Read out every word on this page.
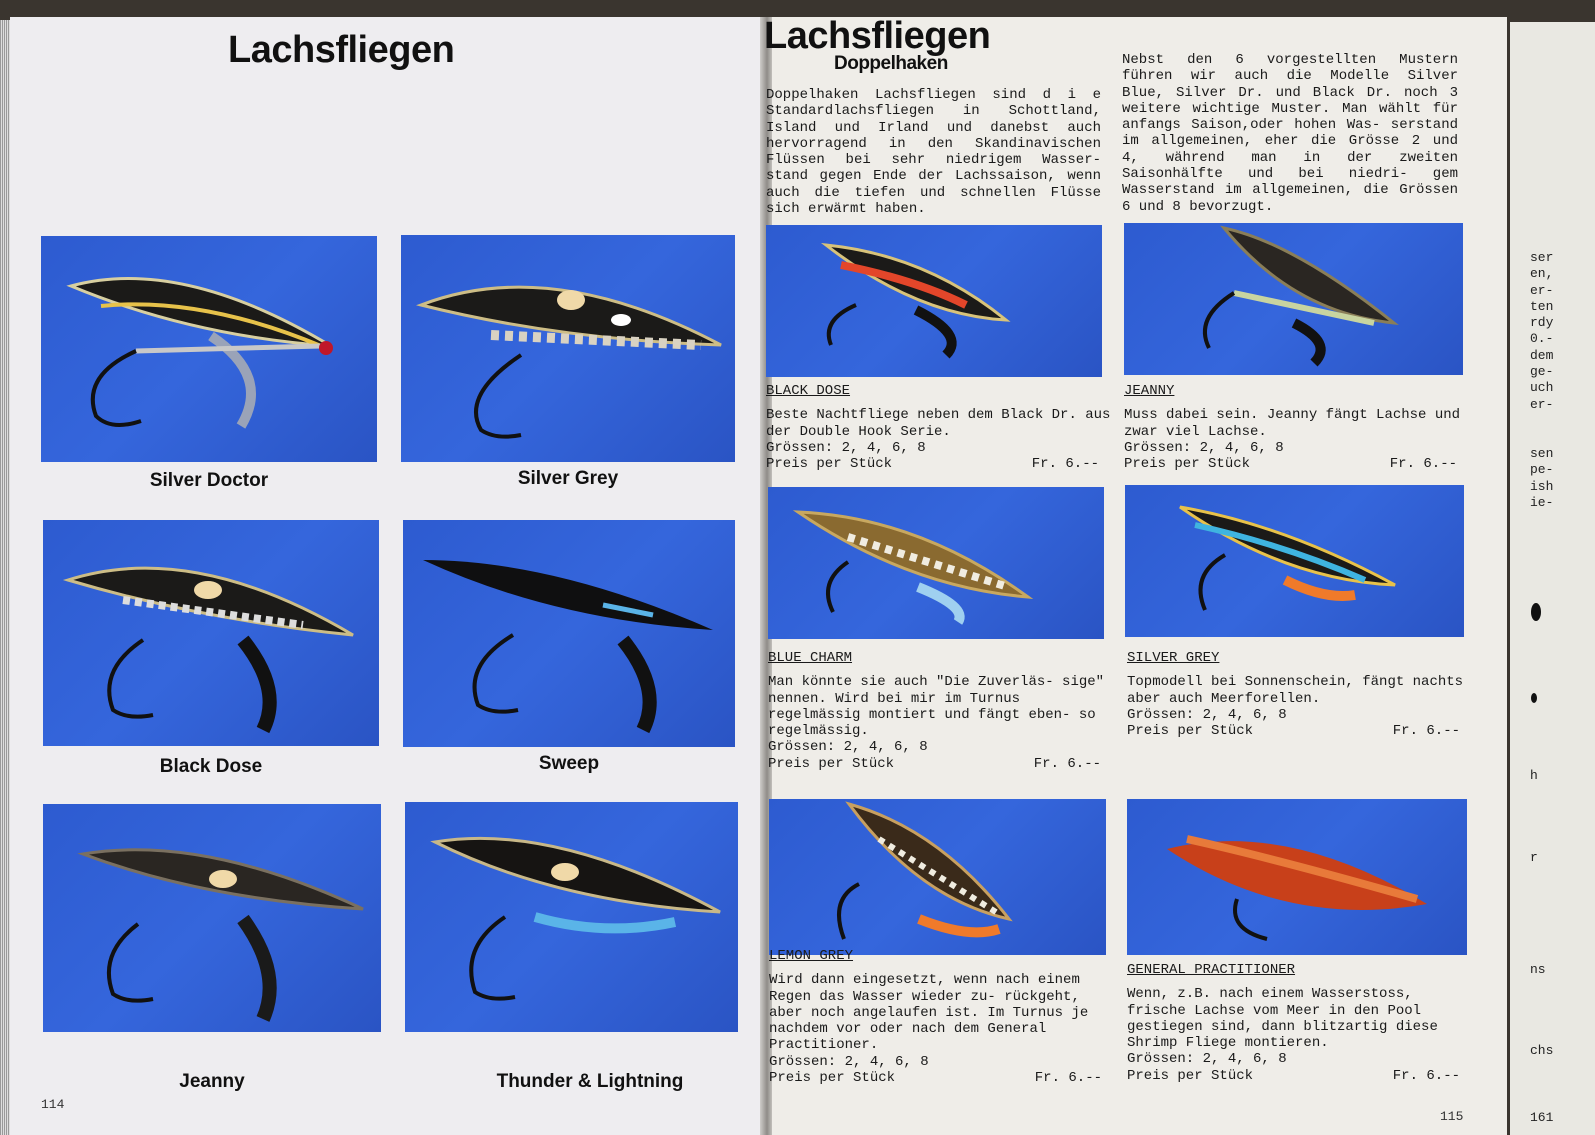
Lachsfliegen
Silver Doctor	Silver Grey
Black Dose	Sweep
Jeanny	Thunder & Lightning
114
Lachsfliegen
Doppelhaken
Doppelhaken Lachsfliegen sind d i e Standardlachsfliegen in Schottland, Island und Irland und danebst auch hervorragend in den Skandinavischen Flüssen bei sehr niedrigem Wasser- stand gegen Ende der Lachssaison, wenn auch die tiefen und schnellen Flüsse sich erwärmt haben.
Nebst den 6 vorgestellten Mustern führen wir auch die Modelle Silver Blue, Silver Dr. und Black Dr. noch 3 weitere wichtige Muster. Man wählt für anfangs Saison,oder hohen Was- serstand im allgemeinen, eher die Grösse 2 und 4, während man in der zweiten Saisonhälfte und bei niedri- gem Wasserstand im allgemeinen, die Grössen 6 und 8 bevorzugt.
BLACK DOSE
Beste Nachtfliege neben dem Black Dr. aus der Double Hook Serie.
Grössen: 2, 4, 6, 8
Preis per Stück	Fr. 6.--
JEANNY
Muss dabei sein. Jeanny fängt Lachse und zwar viel Lachse.
Grössen: 2, 4, 6, 8
Preis per Stück	Fr. 6.--
BLUE CHARM
Man könnte sie auch "Die Zuverläs- sige" nennen. Wird bei mir im Turnus regelmässig montiert und fängt eben- so regelmässig.
Grössen: 2, 4, 6, 8
Preis per Stück	Fr. 6.--
SILVER GREY
Topmodell bei Sonnenschein, fängt nachts aber auch Meerforellen.
Grössen: 2, 4, 6, 8
Preis per Stück	Fr. 6.--
LEMON GREY
Wird dann eingesetzt, wenn nach einem Regen das Wasser wieder zu- rückgeht, aber noch angelaufen ist. Im Turnus je nachdem vor oder nach dem General Practitioner.
Grössen: 2, 4, 6, 8
Preis per Stück	Fr. 6.--
GENERAL PRACTITIONER
Wenn, z.B. nach einem Wasserstoss, frische Lachse vom Meer in den Pool gestiegen sind, dann blitzartig diese Shrimp Fliege montieren.
Grössen: 2, 4, 6, 8
Preis per Stück	Fr. 6.--
115
ser
en,
er-
ten
rdy
0.-
dem
ge-
uch
er-
sen
pe-
ish
ie-
h
r
ns
chs
161
